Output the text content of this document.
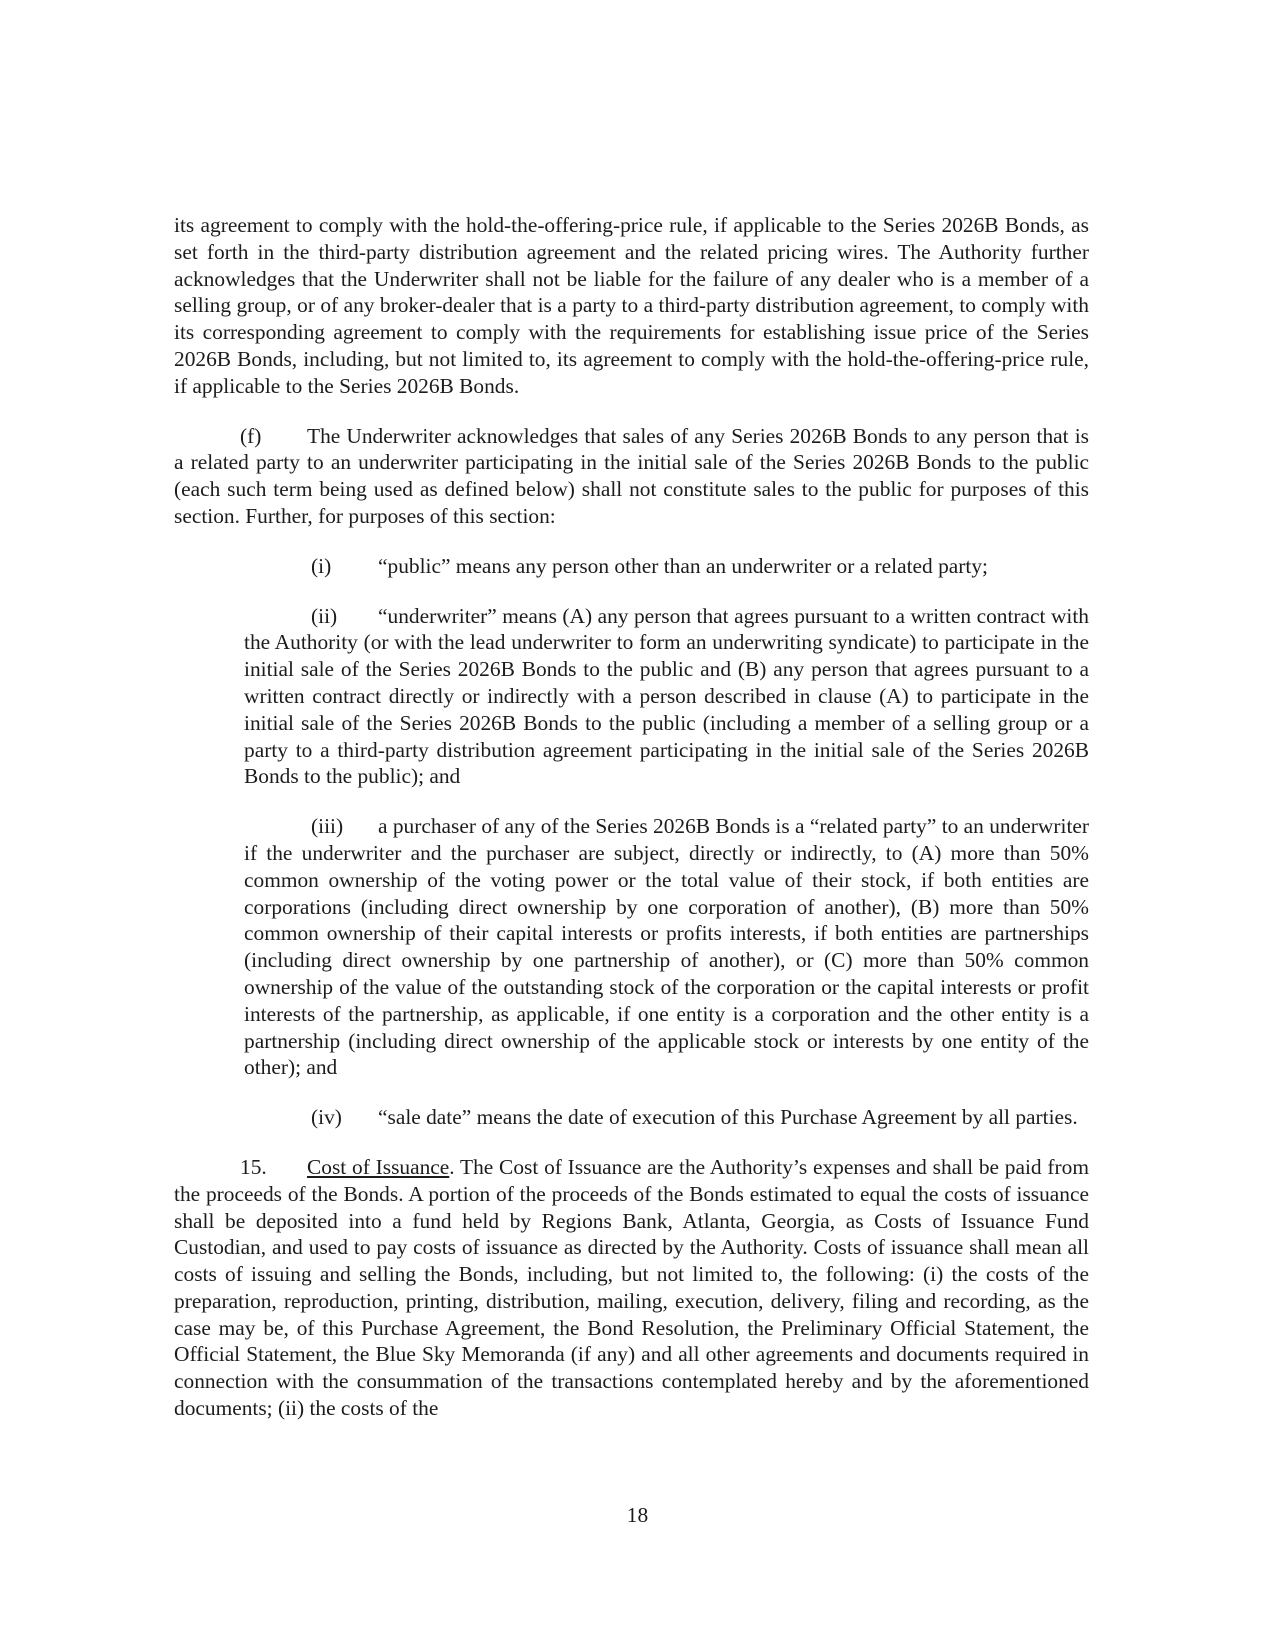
its agreement to comply with the hold-the-offering-price rule, if applicable to the Series 2026B Bonds, as set forth in the third-party distribution agreement and the related pricing wires. The Authority further acknowledges that the Underwriter shall not be liable for the failure of any dealer who is a member of a selling group, or of any broker-dealer that is a party to a third-party distribution agreement, to comply with its corresponding agreement to comply with the requirements for establishing issue price of the Series 2026B Bonds, including, but not limited to, its agreement to comply with the hold-the-offering-price rule, if applicable to the Series 2026B Bonds.

(f) The Underwriter acknowledges that sales of any Series 2026B Bonds to any person that is a related party to an underwriter participating in the initial sale of the Series 2026B Bonds to the public (each such term being used as defined below) shall not constitute sales to the public for purposes of this section. Further, for purposes of this section:

(i) “public” means any person other than an underwriter or a related party;

(ii) “underwriter” means (A) any person that agrees pursuant to a written contract with the Authority (or with the lead underwriter to form an underwriting syndicate) to participate in the initial sale of the Series 2026B Bonds to the public and (B) any person that agrees pursuant to a written contract directly or indirectly with a person described in clause (A) to participate in the initial sale of the Series 2026B Bonds to the public (including a member of a selling group or a party to a third-party distribution agreement participating in the initial sale of the Series 2026B Bonds to the public); and

(iii) a purchaser of any of the Series 2026B Bonds is a “related party” to an underwriter if the underwriter and the purchaser are subject, directly or indirectly, to (A) more than 50% common ownership of the voting power or the total value of their stock, if both entities are corporations (including direct ownership by one corporation of another), (B) more than 50% common ownership of their capital interests or profits interests, if both entities are partnerships (including direct ownership by one partnership of another), or (C) more than 50% common ownership of the value of the outstanding stock of the corporation or the capital interests or profit interests of the partnership, as applicable, if one entity is a corporation and the other entity is a partnership (including direct ownership of the applicable stock or interests by one entity of the other); and

(iv) “sale date” means the date of execution of this Purchase Agreement by all parties.

15. Cost of Issuance. The Cost of Issuance are the Authority’s expenses and shall be paid from the proceeds of the Bonds. A portion of the proceeds of the Bonds estimated to equal the costs of issuance shall be deposited into a fund held by Regions Bank, Atlanta, Georgia, as Costs of Issuance Fund Custodian, and used to pay costs of issuance as directed by the Authority. Costs of issuance shall mean all costs of issuing and selling the Bonds, including, but not limited to, the following: (i) the costs of the preparation, reproduction, printing, distribution, mailing, execution, delivery, filing and recording, as the case may be, of this Purchase Agreement, the Bond Resolution, the Preliminary Official Statement, the Official Statement, the Blue Sky Memoranda (if any) and all other agreements and documents required in connection with the consummation of the transactions contemplated hereby and by the aforementioned documents; (ii) the costs of the

18
